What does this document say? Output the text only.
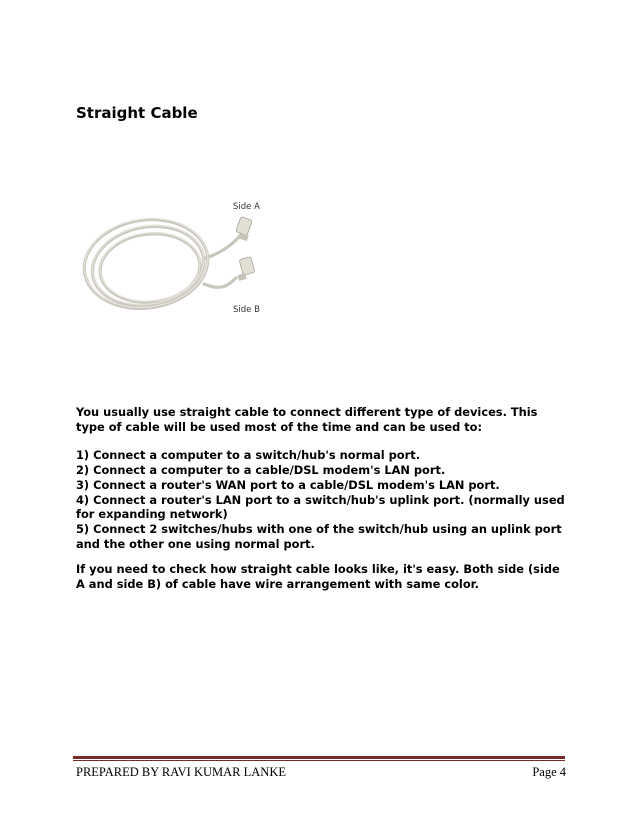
Straight Cable
Side A
Side B

You usually use straight cable to connect different type of devices. This type of cable will be used most of the time and can be used to:

1) Connect a computer to a switch/hub's normal port.

2) Connect a computer to a cable/DSL modem's LAN port.

3) Connect a router's WAN port to a cable/DSL modem's LAN port.

4) Connect a router's LAN port to a switch/hub's uplink port. (normally used for expanding network)

5) Connect 2 switches/hubs with one of the switch/hub using an uplink port and the other one using normal port.

If you need to check how straight cable looks like, it's easy. Both side (side A and side B) of cable have wire arrangement with same color.

PREPARED BY RAVI KUMAR LANKE	Page 4
